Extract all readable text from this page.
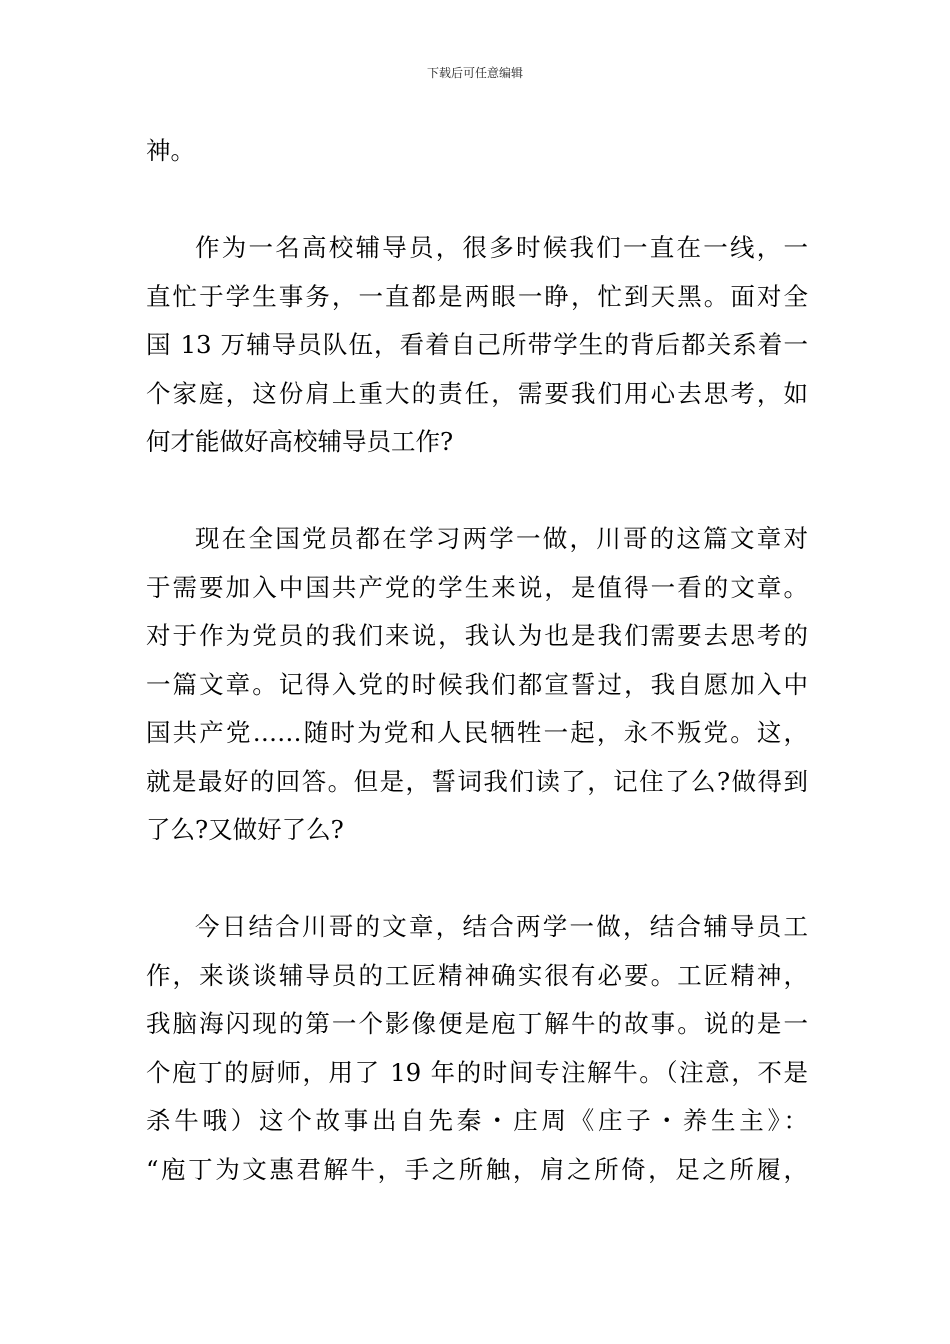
下载后可任意编辑

神。

作为一名高校辅导员，很多时候我们一直在一线，一
直忙于学生事务，一直都是两眼一睁，忙到天黑。面对全
国 13 万辅导员队伍，看着自己所带学生的背后都关系着一
个家庭，这份肩上重大的责任，需要我们用心去思考，如
何才能做好高校辅导员工作?

现在全国党员都在学习两学一做，川哥的这篇文章对
于需要加入中国共产党的学生来说，是值得一看的文章。
对于作为党员的我们来说，我认为也是我们需要去思考的
一篇文章。记得入党的时候我们都宣誓过，我自愿加入中
国共产党……随时为党和人民牺牲一起，永不叛党。这，
就是最好的回答。但是，誓词我们读了，记住了么?做得到
了么?又做好了么?

今日结合川哥的文章，结合两学一做，结合辅导员工
作，来谈谈辅导员的工匠精神确实很有必要。工匠精神，
我脑海闪现的第一个影像便是庖丁解牛的故事。说的是一
个庖丁的厨师，用了 19 年的时间专注解牛。（注意，不是
杀牛哦）这个故事出自先秦・庄周《庄子・养生主》：
“庖丁为文惠君解牛，手之所触，肩之所倚，足之所履，
